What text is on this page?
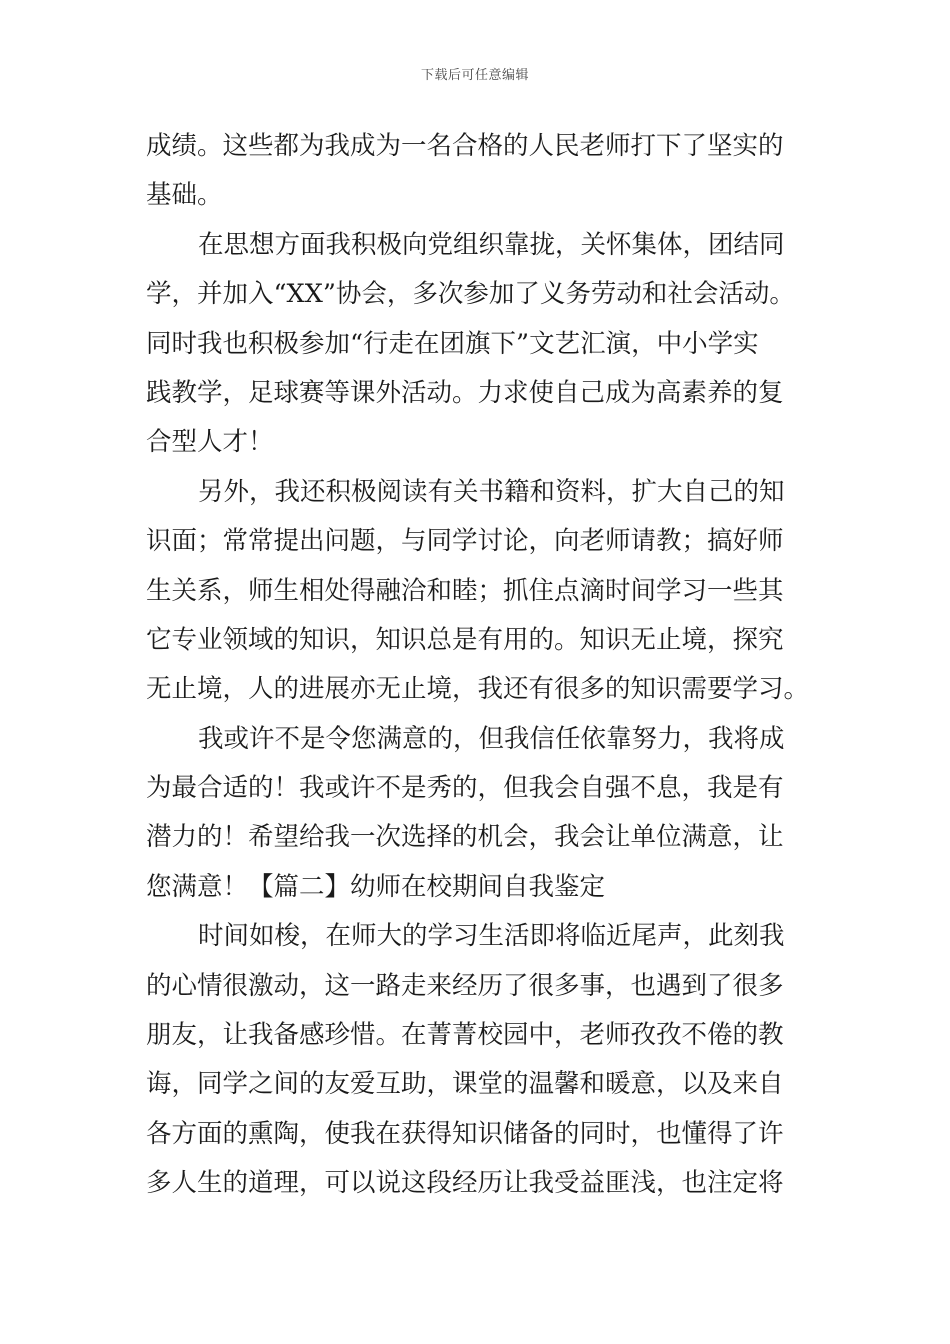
下载后可任意编辑
成绩。这些都为我成为一名合格的人民老师打下了坚实的
基础。
在思想方面我积极向党组织靠拢，关怀集体，团结同
学，并加入“XX”协会，多次参加了义务劳动和社会活动。
同时我也积极参加“行走在团旗下”文艺汇演，中小学实
践教学，足球赛等课外活动。力求使自己成为高素养的复
合型人才！
另外，我还积极阅读有关书籍和资料，扩大自己的知
识面；常常提出问题，与同学讨论，向老师请教；搞好师
生关系，师生相处得融洽和睦；抓住点滴时间学习一些其
它专业领域的知识，知识总是有用的。知识无止境，探究
无止境，人的进展亦无止境，我还有很多的知识需要学习。
我或许不是令您满意的，但我信任依靠努力，我将成
为最合适的！我或许不是秀的，但我会自强不息，我是有
潜力的！希望给我一次选择的机会，我会让单位满意，让
您满意！【篇二】幼师在校期间自我鉴定
时间如梭，在师大的学习生活即将临近尾声，此刻我
的心情很激动，这一路走来经历了很多事，也遇到了很多
朋友，让我备感珍惜。在菁菁校园中，老师孜孜不倦的教
诲，同学之间的友爱互助，课堂的温馨和暖意，以及来自
各方面的熏陶，使我在获得知识储备的同时，也懂得了许
多人生的道理，可以说这段经历让我受益匪浅，也注定将
